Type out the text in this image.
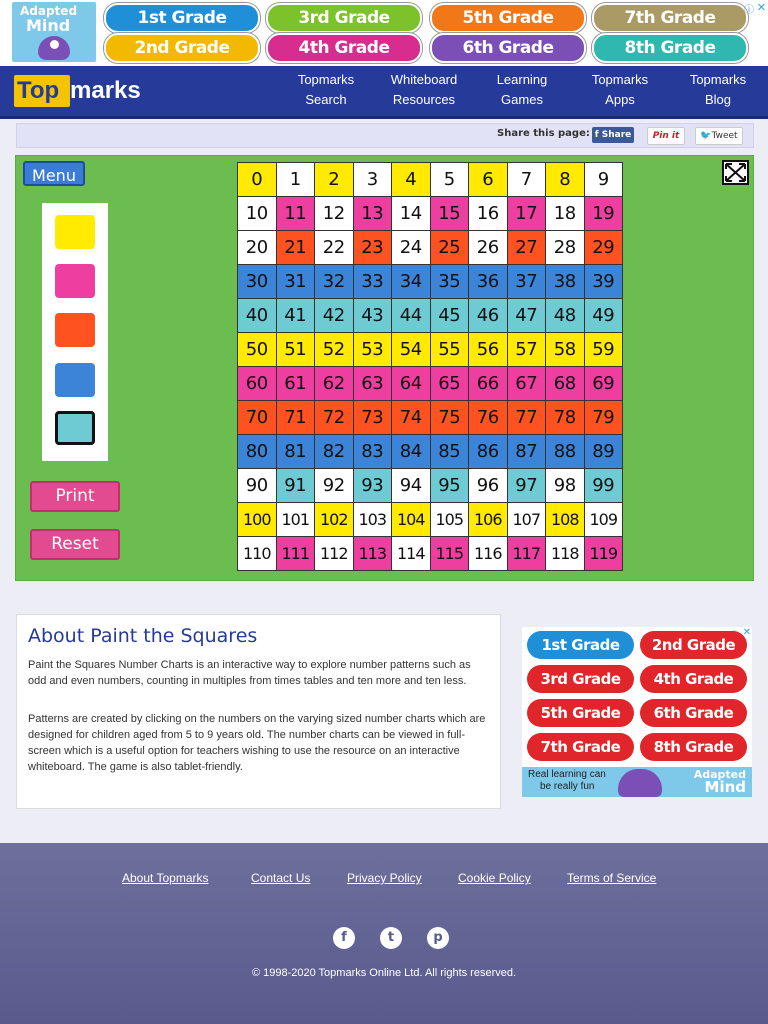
Adapted
Mind	1st Grade	3rd Grade	5th Grade	7th Grade
2nd Grade	4th Grade	6th Grade	8th Grade
ⓘ ✕
Top marks	Topmarks
Search
Whiteboard
Resources
Learning
Games
Topmarks
Apps
Topmarks
Blog
Share this page: f Share	Pin it	🐦Tweet
Menu
Print
Reset
0	1	2	3	4	5	6	7	8	9
10 11 12 13 14 15 16 17 18 19
20 21 22 23 24 25 26 27 28 29
30 31 32 33 34 35 36 37 38 39
40 41 42 43 44 45 46 47 48 49
50 51 52 53 54 55 56 57 58 59
60 61 62 63 64 65 66 67 68 69
70 71 72 73 74 75 76 77 78 79
80 81 82 83 84 85 86 87 88 89
90 91 92 93 94 95 96 97 98 99
100 101 102 103 104 105 106 107 108 109
110 111 112 113 114 115 116 117 118 119
About Paint the Squares

Paint the Squares Number Charts is an interactive way to explore number patterns such as odd and even numbers, counting in multiples from times tables and ten more and ten less.

Patterns are created by clicking on the numbers on the varying sized number charts which are designed for children aged from 5 to 9 years old. The number charts can be viewed in full-screen which is a useful option for teachers wishing to use the resource on an interactive whiteboard. The game is also tablet-friendly.

✕
1st Grade	2nd Grade
3rd Grade	4th Grade
5th Grade	6th Grade
7th Grade	8th Grade
Real learning can
be really fun
Adapted
Mind
About Topmarks	Contact Us	Privacy Policy	Cookie Policy	Terms of Service
f	t	p
© 1998-2020 Topmarks Online Ltd. All rights reserved.
